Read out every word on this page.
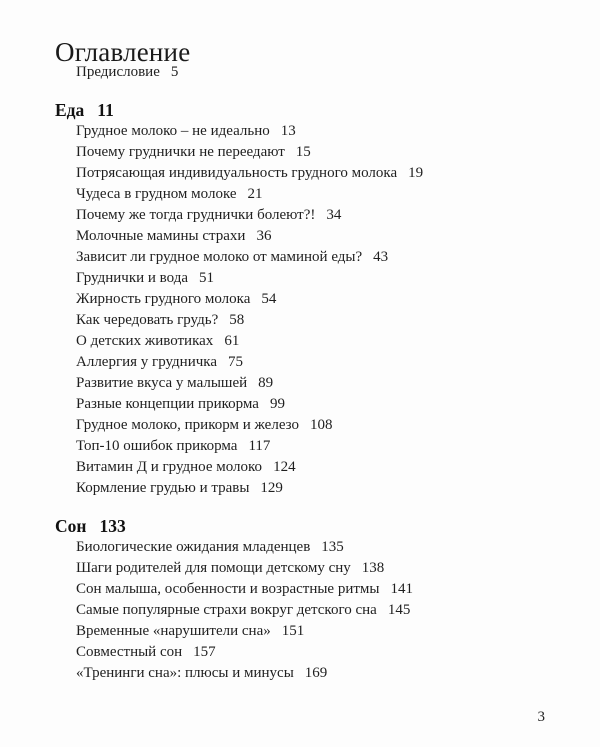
Оглавление
Предисловие 5
Еда 11
Грудное молоко – не идеально 13
Почему груднички не переедают 15
Потрясающая индивидуальность грудного молока 19
Чудеса в грудном молоке 21
Почему же тогда груднички болеют?! 34
Молочные мамины страхи 36
Зависит ли грудное молоко от маминой еды? 43
Груднички и вода 51
Жирность грудного молока 54
Как чередовать грудь? 58
О детских животиках 61
Аллергия у грудничка 75
Развитие вкуса у малышей 89
Разные концепции прикорма 99
Грудное молоко, прикорм и железо 108
Топ-10 ошибок прикорма 117
Витамин Д и грудное молоко 124
Кормление грудью и травы 129
Сон 133
Биологические ожидания младенцев 135
Шаги родителей для помощи детскому сну 138
Сон малыша, особенности и возрастные ритмы 141
Самые популярные страхи вокруг детского сна 145
Временные «нарушители сна» 151
Совместный сон 157
«Тренинги сна»: плюсы и минусы 169
3
